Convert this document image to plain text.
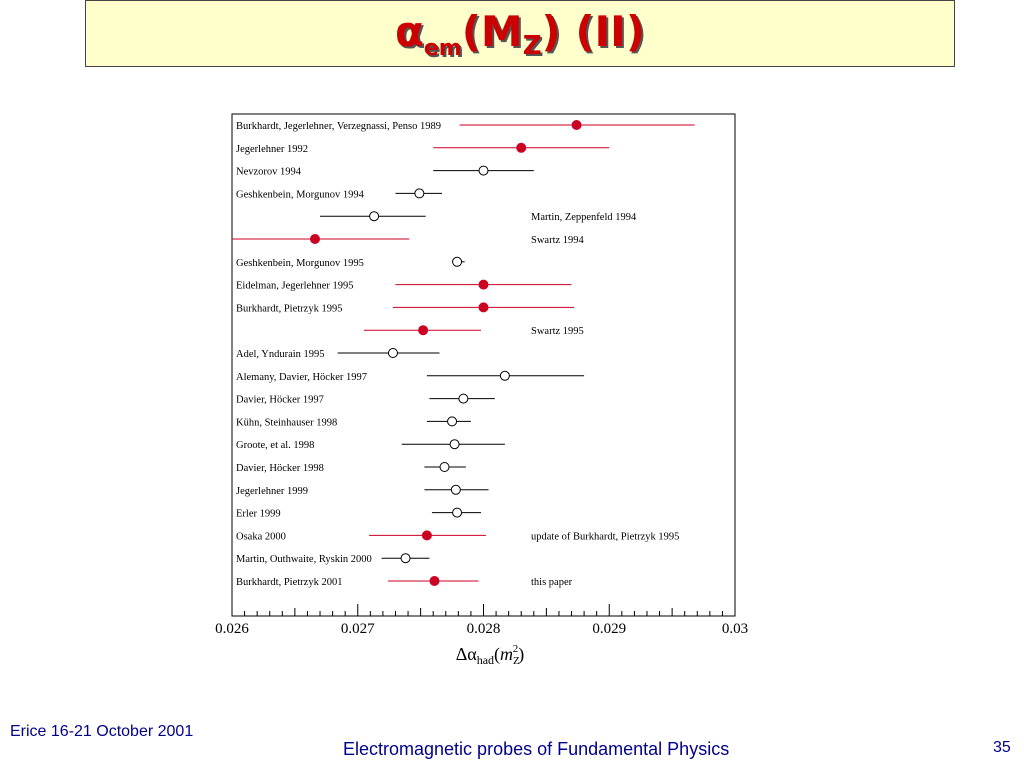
$\alpha_{em}(MZ)$ (II)
0.026	0.027	0.028	0.029	0.03
$\Delta\alpha_{had}(m_Z2)$
Burkhardt, Jegerlehner, Verzegnassi, Penso 1989
Jegerlehner 1992
Nevzorov 1994
Geshkenbein, Morgunov 1994
Martin, Zeppenfeld 1994
Swartz 1994
Geshkenbein, Morgunov 1995
Eidelman, Jegerlehner 1995
Burkhardt, Pietrzyk 1995
Swartz 1995
Adel, Yndurain 1995
Alemany, Davier, Höcker 1997
Davier, Höcker 1997
Kühn, Steinhauser 1998
Groote, et al. 1998
Davier, Höcker 1998
Jegerlehner 1999
Erler 1999
Osaka 2000	update of Burkhardt, Pietrzyk 1995
Martin, Outhwaite, Ryskin 2000
Burkhardt, Pietrzyk 2001	this paper
Erice 16-21 October 2001
Electromagnetic probes of Fundamental Physics	35
